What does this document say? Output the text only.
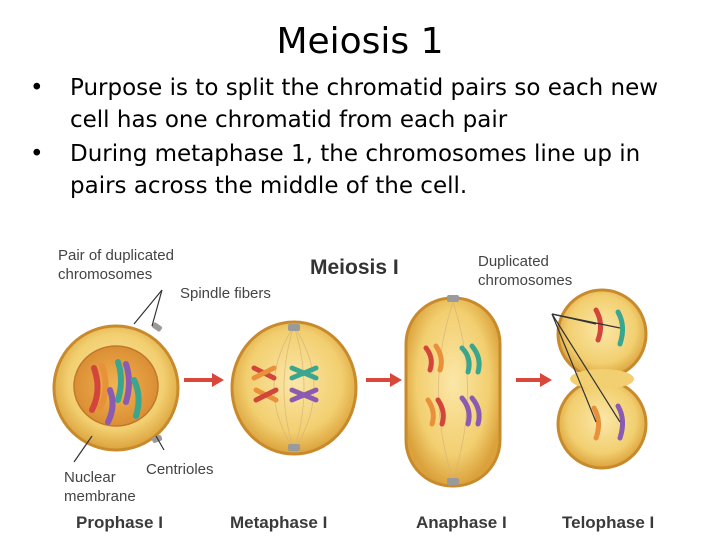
Meiosis 1
•	Purpose is to split the chromatid pairs so each new cell has one chromatid from each pair
•	During metaphase 1, the chromosomes line up in pairs across the middle of the cell.
Pair of duplicated
chromosomes
Spindle fibers
Meiosis I	Duplicated
chromosomes
Nuclear
membrane
Centrioles
Prophase I	Metaphase I	Anaphase I	Telophase I
